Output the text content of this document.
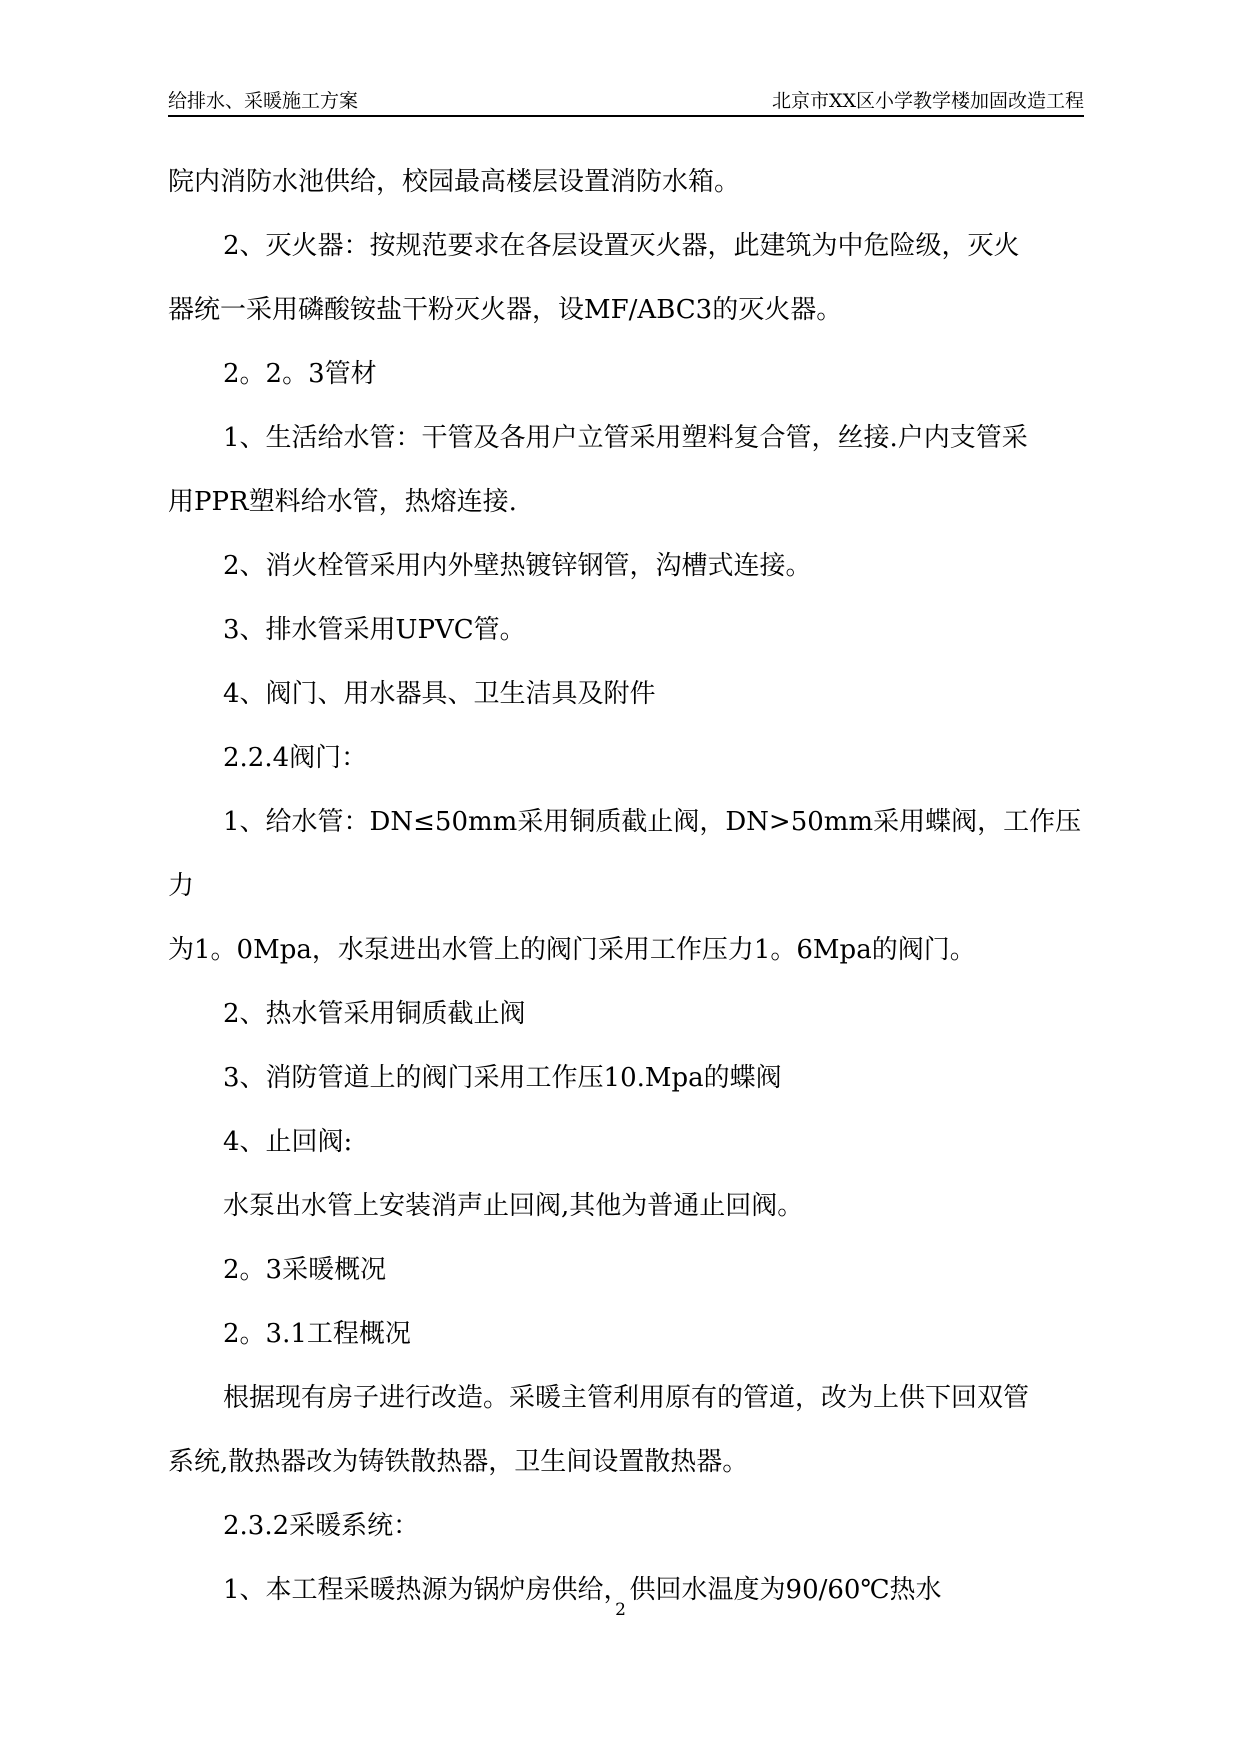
给排水、采暖施工方案	北京市XX区小学教学楼加固改造工程

院内消防水池供给，校园最高楼层设置消防水箱。

2、灭火器：按规范要求在各层设置灭火器，此建筑为中危险级，灭火

器统一采用磷酸铵盐干粉灭火器，设MF/ABC3的灭火器。

2。2。3管材

1、生活给水管：干管及各用户立管采用塑料复合管，丝接.户内支管采

用PPR塑料给水管，热熔连接.

2、消火栓管采用内外壁热镀锌钢管，沟槽式连接。

3、排水管采用UPVC管。

4、阀门、用水器具、卫生洁具及附件

2.2.4阀门：

1、给水管：DN≤50mm采用铜质截止阀，DN>50mm采用蝶阀，工作压力

为1。0Mpa，水泵进出水管上的阀门采用工作压力1。6Mpa的阀门。

2、热水管采用铜质截止阀

3、消防管道上的阀门采用工作压10.Mpa的蝶阀

4、止回阀:

水泵出水管上安装消声止回阀,其他为普通止回阀。

2。3采暖概况

2。3.1工程概况

根据现有房子进行改造。采暖主管利用原有的管道，改为上供下回双管

系统,散热器改为铸铁散热器，卫生间设置散热器。

2.3.2采暖系统：

1、本工程采暖热源为锅炉房供给，供回水温度为90/60℃热水

2
